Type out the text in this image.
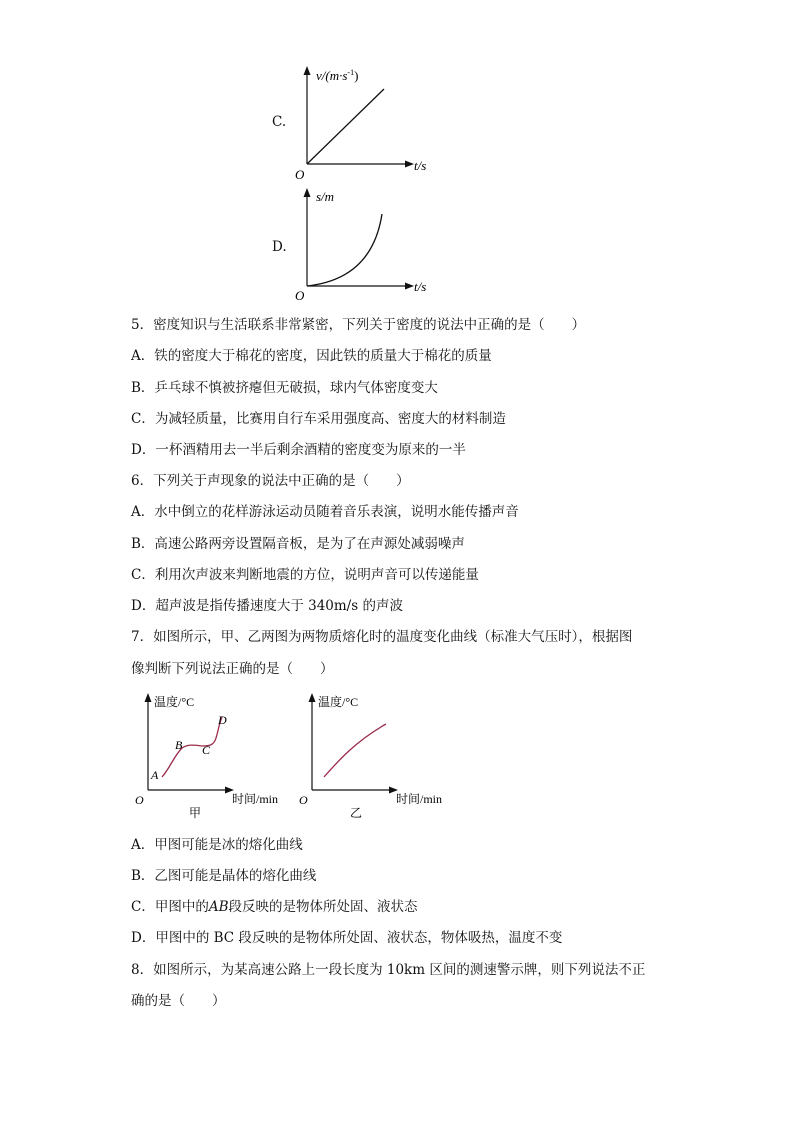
C.
$v/(m\cdot s^{-1})$
t/s
O
D.
s/m
t/s
O
5．密度知识与生活联系非常紧密，下列关于密度的说法中正确的是（　　）
A．铁的密度大于棉花的密度，因此铁的质量大于棉花的质量
B．乒乓球不慎被挤瘪但无破损，球内气体密度变大
C．为减轻质量，比赛用自行车采用强度高、密度大的材料制造
D．一杯酒精用去一半后剩余酒精的密度变为原来的一半
6．下列关于声现象的说法中正确的是（　　）
A．水中倒立的花样游泳运动员随着音乐表演，说明水能传播声音
B．高速公路两旁设置隔音板，是为了在声源处减弱噪声
C．利用次声波来判断地震的方位，说明声音可以传递能量
D．超声波是指传播速度大于 340m/s 的声波
7．如图所示，甲、乙两图为两物质熔化时的温度变化曲线（标准大气压时），根据图
像判断下列说法正确的是（　　）
温度/°C
时间/min
O
A
B C
D
甲
温度/°C
时间/min
O
乙
A．甲图可能是冰的熔化曲线
B．乙图可能是晶体的熔化曲线
C．甲图中的AB段反映的是物体所处固、液状态
D．甲图中的 BC 段反映的是物体所处固、液状态，物体吸热，温度不变
8．如图所示，为某高速公路上一段长度为 10km 区间的测速警示牌，则下列说法不正
确的是（　　）
